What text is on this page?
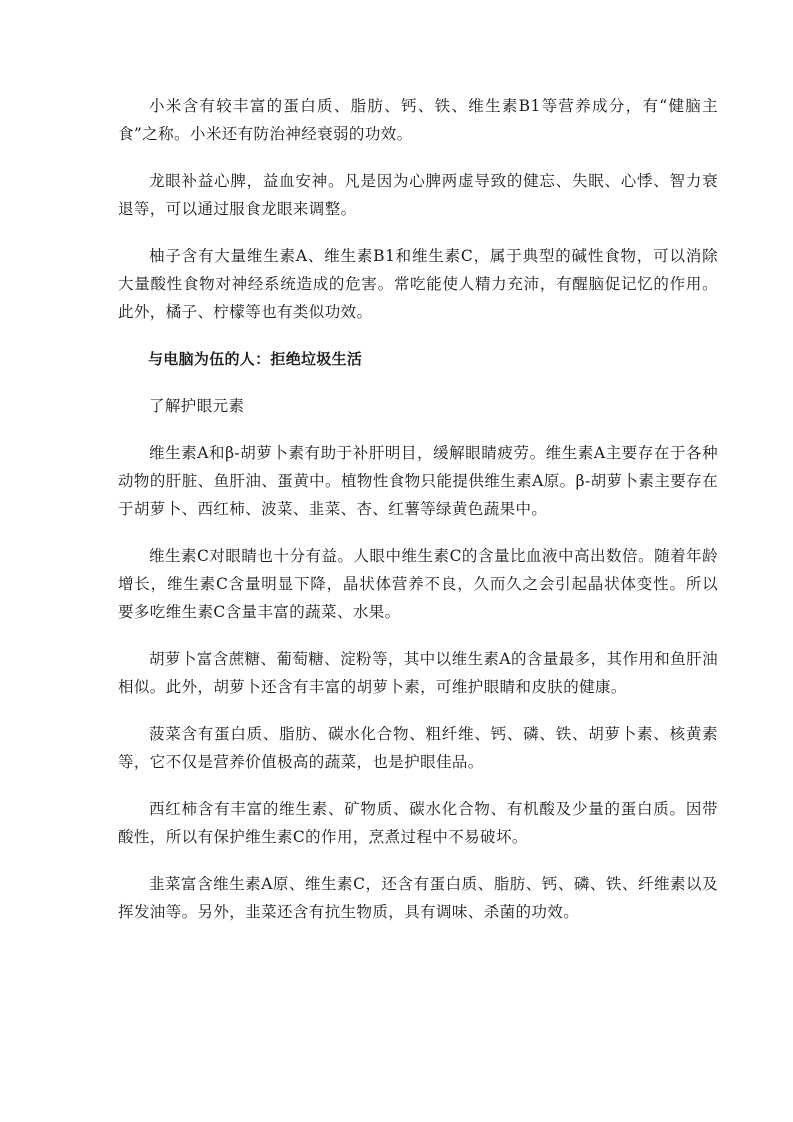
小米含有较丰富的蛋白质、脂肪、钙、铁、维生素B1等营养成分，有“健脑主食”之称。小米还有防治神经衰弱的功效。

龙眼补益心脾，益血安神。凡是因为心脾两虚导致的健忘、失眠、心悸、智力衰退等，可以通过服食龙眼来调整。

柚子含有大量维生素A、维生素B1和维生素C，属于典型的碱性食物，可以消除大量酸性食物对神经系统造成的危害。常吃能使人精力充沛，有醒脑促记忆的作用。此外，橘子、柠檬等也有类似功效。

与电脑为伍的人：拒绝垃圾生活

了解护眼元素

维生素A和β-胡萝卜素有助于补肝明目，缓解眼睛疲劳。维生素A主要存在于各种动物的肝脏、鱼肝油、蛋黄中。植物性食物只能提供维生素A原。β-胡萝卜素主要存在于胡萝卜、西红柿、波菜、韭菜、杏、红薯等绿黄色蔬果中。

维生素C对眼睛也十分有益。人眼中维生素C的含量比血液中高出数倍。随着年龄增长，维生素C含量明显下降，晶状体营养不良，久而久之会引起晶状体变性。所以要多吃维生素C含量丰富的蔬菜、水果。

胡萝卜富含蔗糖、葡萄糖、淀粉等，其中以维生素A的含量最多，其作用和鱼肝油相似。此外，胡萝卜还含有丰富的胡萝卜素，可维护眼睛和皮肤的健康。

菠菜含有蛋白质、脂肪、碳水化合物、粗纤维、钙、磷、铁、胡萝卜素、核黄素等，它不仅是营养价值极高的蔬菜，也是护眼佳品。

西红柿含有丰富的维生素、矿物质、碳水化合物、有机酸及少量的蛋白质。因带酸性，所以有保护维生素C的作用，烹煮过程中不易破坏。

韭菜富含维生素A原、维生素C，还含有蛋白质、脂肪、钙、磷、铁、纤维素以及挥发油等。另外，韭菜还含有抗生物质，具有调味、杀菌的功效。
